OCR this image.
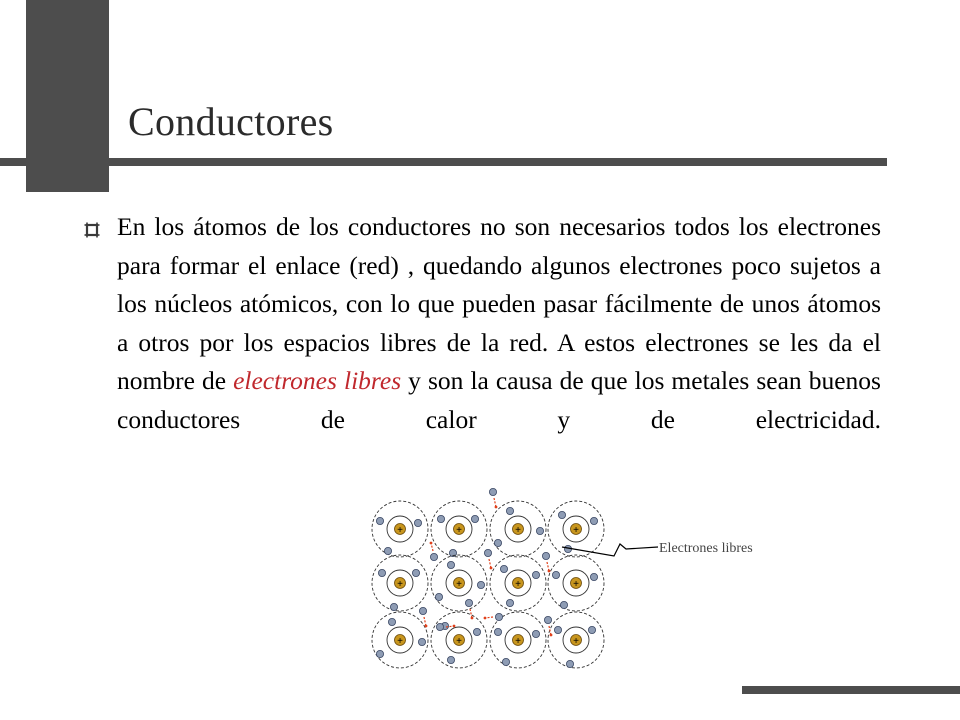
Conductores

En los átomos de los conductores no son necesarios todos los electrones para formar el enlace (red) , quedando algunos electrones poco sujetos a los núcleos atómicos, con lo que pueden pasar fácilmente de unos átomos a otros por los espacios libres de la red. A estos electrones se les da el nombre de electrones libres y son la causa de que los metales sean buenos conductores de calor y de electricidad.

+	+	+	+
+	+	+	+
+	+	+	+
Electrones libres
